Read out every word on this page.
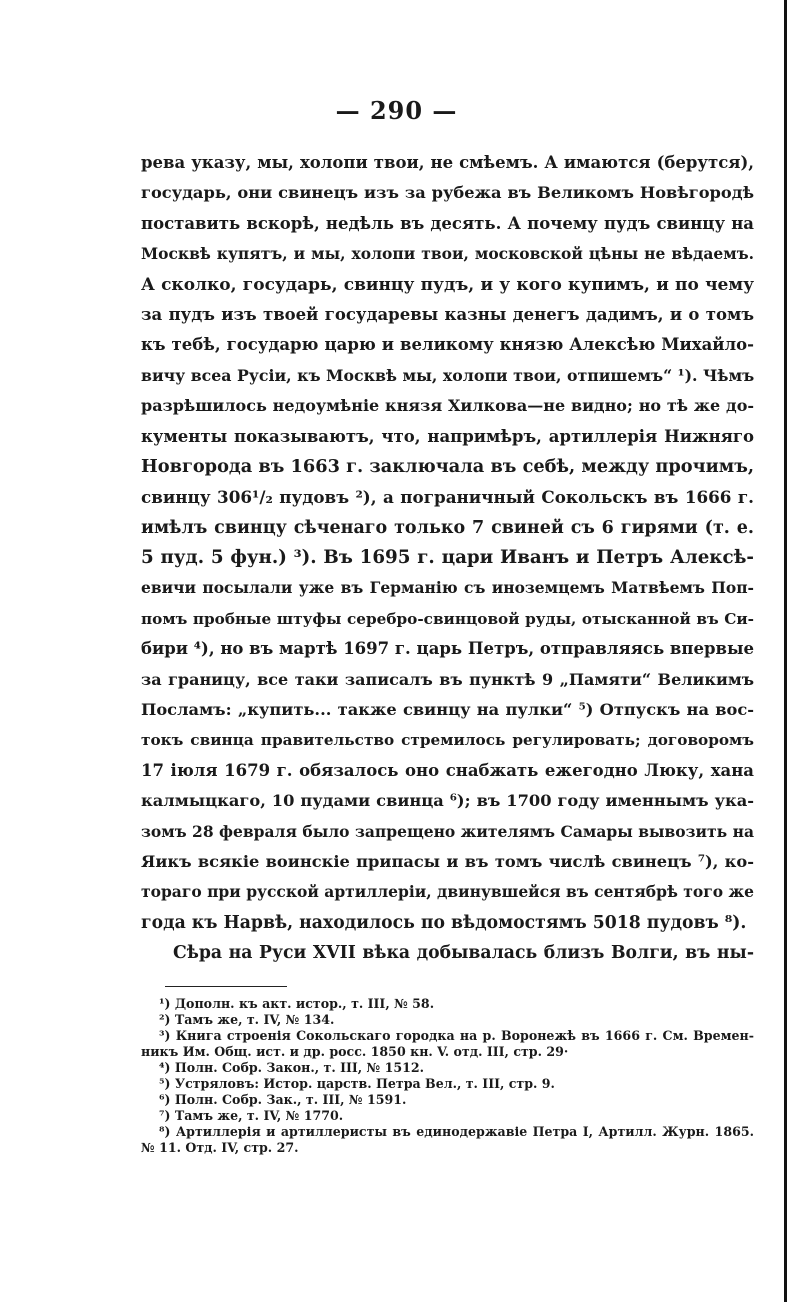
— 290 —
рева указу, мы, холопи твои, не смѣемъ. А имаются (берутся),
государь, они свинецъ изъ за рубежа въ Великомъ Новѣгородѣ
поставить вскорѣ, недѣль въ десять. А почему пудъ свинцу на
Москвѣ купятъ, и мы, холопи твои, московской цѣны не вѣдаемъ.
А сколко, государь, свинцу пудъ, и у кого купимъ, и по чему
за пудъ изъ твоей государевы казны денегъ дадимъ, и о томъ
къ тебѣ, государю царю и великому князю Алексѣю Михайло-
вичу всеа Русіи, къ Москвѣ мы, холопи твои, отпишемъ“ ¹). Чѣмъ
разрѣшилось недоумѣніе князя Хилкова—не видно; но тѣ же до-
кументы показываютъ, что, напримѣръ, артиллерія Нижняго
Новгорода въ 1663 г. заключала въ себѣ, между прочимъ,
свинцу 306¹/₂ пудовъ ²), а пограничный Сокольскъ въ 1666 г.
имѣлъ свинцу сѣченаго только 7 свиней съ 6 гирями (т. е.
5 пуд. 5 фун.) ³). Въ 1695 г. цари Иванъ и Петръ Алексѣ-
евичи посылали уже въ Германію съ иноземцемъ Матвѣемъ Поп-
помъ пробные штуфы серебро-свинцовой руды, отысканной въ Си-
бири ⁴), но въ мартѣ 1697 г. царь Петръ, отправляясь впервые
за границу, все таки записалъ въ пунктѣ 9 „Памяти“ Великимъ
Посламъ: „купить... также свинцу на пулки“ ⁵) Отпускъ на вос-
токъ свинца правительство стремилось регулировать; договоромъ
17 іюля 1679 г. обязалось оно снабжать ежегодно Люку, хана
калмыцкаго, 10 пудами свинца ⁶); въ 1700 году именнымъ ука-
зомъ 28 февраля было запрещено жителямъ Самары вывозить на
Яикъ всякіе воинскіе припасы и въ томъ числѣ свинецъ ⁷), ко-
тораго при русской артиллеріи, двинувшейся въ сентябрѣ того же
года къ Нарвѣ, находилось по вѣдомостямъ 5018 пудовъ ⁸).
Сѣра на Руси XVII вѣка добывалась близъ Волги, въ ны-
¹) Дополн. къ акт. истор., т. III, № 58.
²) Тамъ же, т. IV, № 134.
³) Книга строенія Сокольскаго городка на р. Воронежѣ въ 1666 г. См. Времен-
никъ Им. Общ. ист. и др. росс. 1850 кн. V. отд. III, стр. 29·
⁴) Полн. Собр. Закон., т. III, № 1512.
⁵) Устряловъ: Истор. царств. Петра Вел., т. III, стр. 9.
⁶) Полн. Собр. Зак., т. III, № 1591.
⁷) Тамъ же, т. IV, № 1770.
⁸) Артиллерія и артиллеристы въ единодержавіе Петра I, Артилл. Журн. 1865.
№ 11. Отд. IV, стр. 27.
